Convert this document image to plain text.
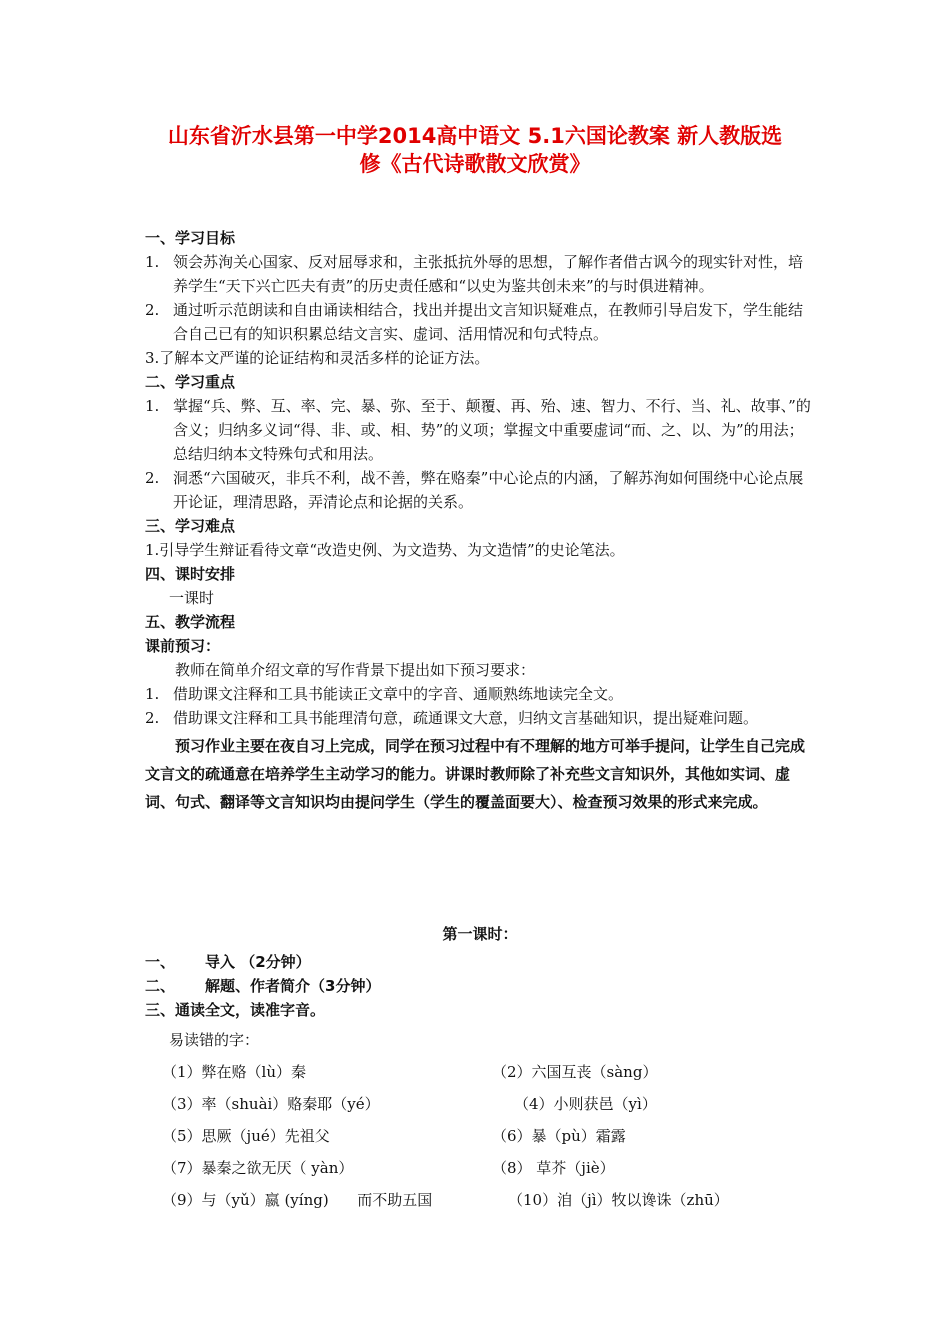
山东省沂水县第一中学2014高中语文 5.1六国论教案 新人教版选
修《古代诗歌散文欣赏》
一、学习目标
1. 领会苏洵关心国家、反对屈辱求和，主张抵抗外辱的思想，了解作者借古讽今的现实针对性，培养学生“天下兴亡匹夫有责”的历史责任感和“以史为鉴共创未来”的与时俱进精神。
2. 通过听示范朗读和自由诵读相结合，找出并提出文言知识疑难点，在教师引导启发下，学生能结合自己已有的知识积累总结文言实、虚词、活用情况和句式特点。
3.了解本文严谨的论证结构和灵活多样的论证方法。
二、学习重点
1. 掌握“兵、弊、互、率、完、暴、弥、至于、颠覆、再、殆、速、智力、不行、当、礼、故事、”的含义；归纳多义词“得、非、或、相、势”的义项；掌握文中重要虚词“而、之、以、为”的用法；总结归纳本文特殊句式和用法。
2. 洞悉“六国破灭，非兵不利，战不善，弊在赂秦”中心论点的内涵，了解苏洵如何围绕中心论点展开论证，理清思路，弄清论点和论据的关系。
三、学习难点
1.引导学生辩证看待文章“改造史例、为文造势、为文造情”的史论笔法。
四、课时安排
一课时
五、教学流程
课前预习：
教师在简单介绍文章的写作背景下提出如下预习要求：
1. 借助课文注释和工具书能读正文章中的字音、通顺熟练地读完全文。
2. 借助课文注释和工具书能理清句意，疏通课文大意，归纳文言基础知识，提出疑难问题。
预习作业主要在夜自习上完成，同学在预习过程中有不理解的地方可举手提问，让学生自己完成文言文的疏通意在培养学生主动学习的能力。讲课时教师除了补充些文言知识外，其他如实词、虚词、句式、翻译等文言知识均由提问学生（学生的覆盖面要大）、检查预习效果的形式来完成。
第一课时：
一、	导入 （2分钟）
二、	解题、作者简介（3分钟）
三、通读全文，读准字音。
易读错的字：
（1）弊在赂（lù）秦	（2）六国互丧（sàng）
（3）率（shuài）赂秦耶（yé）	（4）小则获邑（yì）
（5）思厥（jué）先祖父	（6）暴（pù）霜露
（7）暴秦之欲无厌（ yàn）	（8） 草芥（jiè）
（9）与（yǔ）嬴 (yíng)      而不助五国	（10）洎（jì）牧以谗诛（zhū）
